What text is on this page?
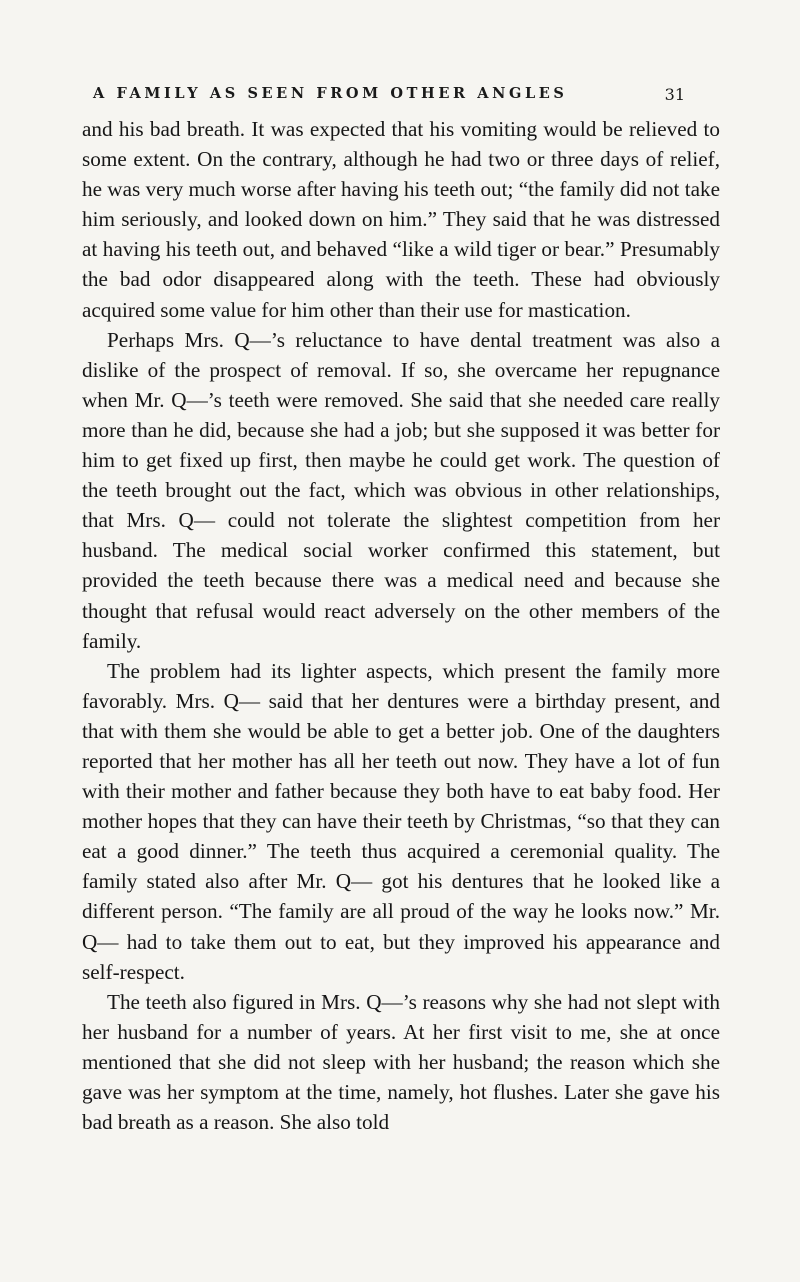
A FAMILY AS SEEN FROM OTHER ANGLES	31

and his bad breath. It was expected that his vomiting would be relieved to some extent. On the contrary, although he had two or three days of relief, he was very much worse after having his teeth out; “the family did not take him seriously, and looked down on him.” They said that he was distressed at having his teeth out, and behaved “like a wild tiger or bear.” Presumably the bad odor disappeared along with the teeth. These had obviously acquired some value for him other than their use for mastication.

Perhaps Mrs. Q—’s reluctance to have dental treatment was also a dislike of the prospect of removal. If so, she overcame her repugnance when Mr. Q—’s teeth were removed. She said that she needed care really more than he did, because she had a job; but she supposed it was better for him to get fixed up first, then maybe he could get work. The question of the teeth brought out the fact, which was obvious in other relationships, that Mrs. Q— could not tolerate the slightest competition from her husband. The medical social worker confirmed this statement, but provided the teeth because there was a medical need and because she thought that refusal would react adversely on the other members of the family.

The problem had its lighter aspects, which present the family more favorably. Mrs. Q— said that her dentures were a birthday present, and that with them she would be able to get a better job. One of the daughters reported that her mother has all her teeth out now. They have a lot of fun with their mother and father because they both have to eat baby food. Her mother hopes that they can have their teeth by Christmas, “so that they can eat a good dinner.” The teeth thus acquired a ceremonial quality. The family stated also after Mr. Q— got his dentures that he looked like a different person. “The family are all proud of the way he looks now.” Mr. Q— had to take them out to eat, but they improved his appearance and self-respect.

The teeth also figured in Mrs. Q—’s reasons why she had not slept with her husband for a number of years. At her first visit to me, she at once mentioned that she did not sleep with her husband; the reason which she gave was her symptom at the time, namely, hot flushes. Later she gave his bad breath as a reason. She also told
